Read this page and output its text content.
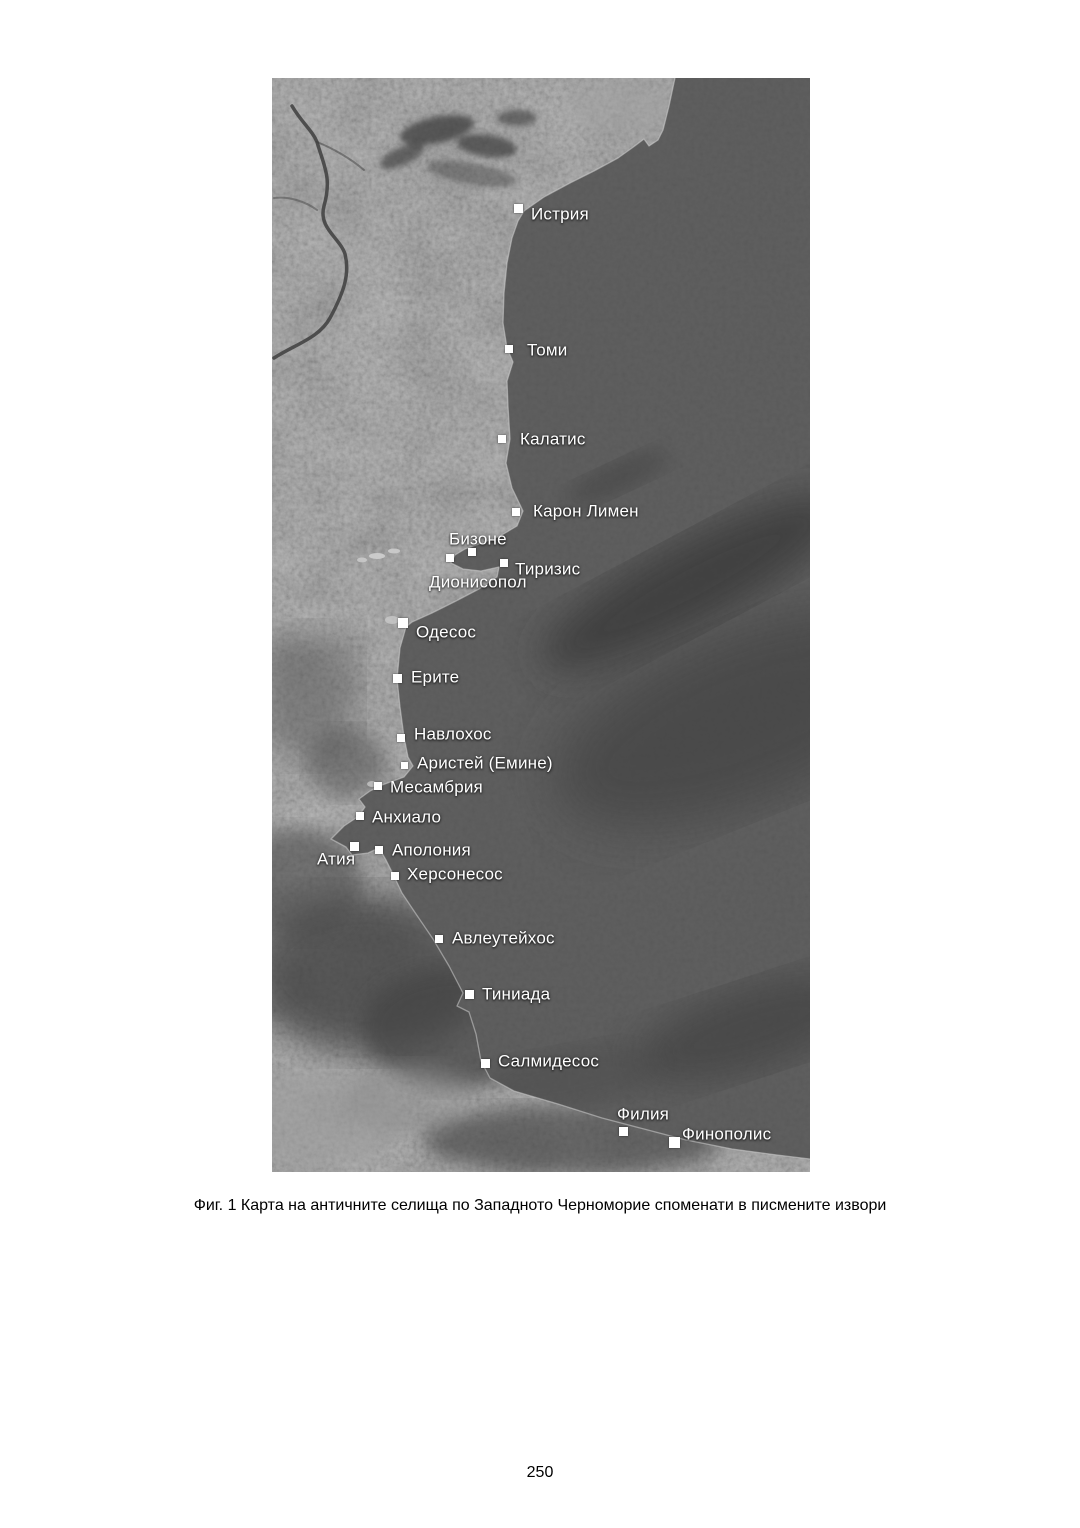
Истрия
Томи
Калатис
Карон Лимен
Бизоне
Тиризис
Дионисопол
Одесос
Ерите
Навлохос
Аристей (Емине)
Месамбрия
Анхиало
Атия Аполония
Херсонесос
Авлеутейхос
Тиниада
Салмидесос
Филия
Финополис
Фиг. 1 Карта на античните селища по Западното Черноморие споменати в писмените извори
250
